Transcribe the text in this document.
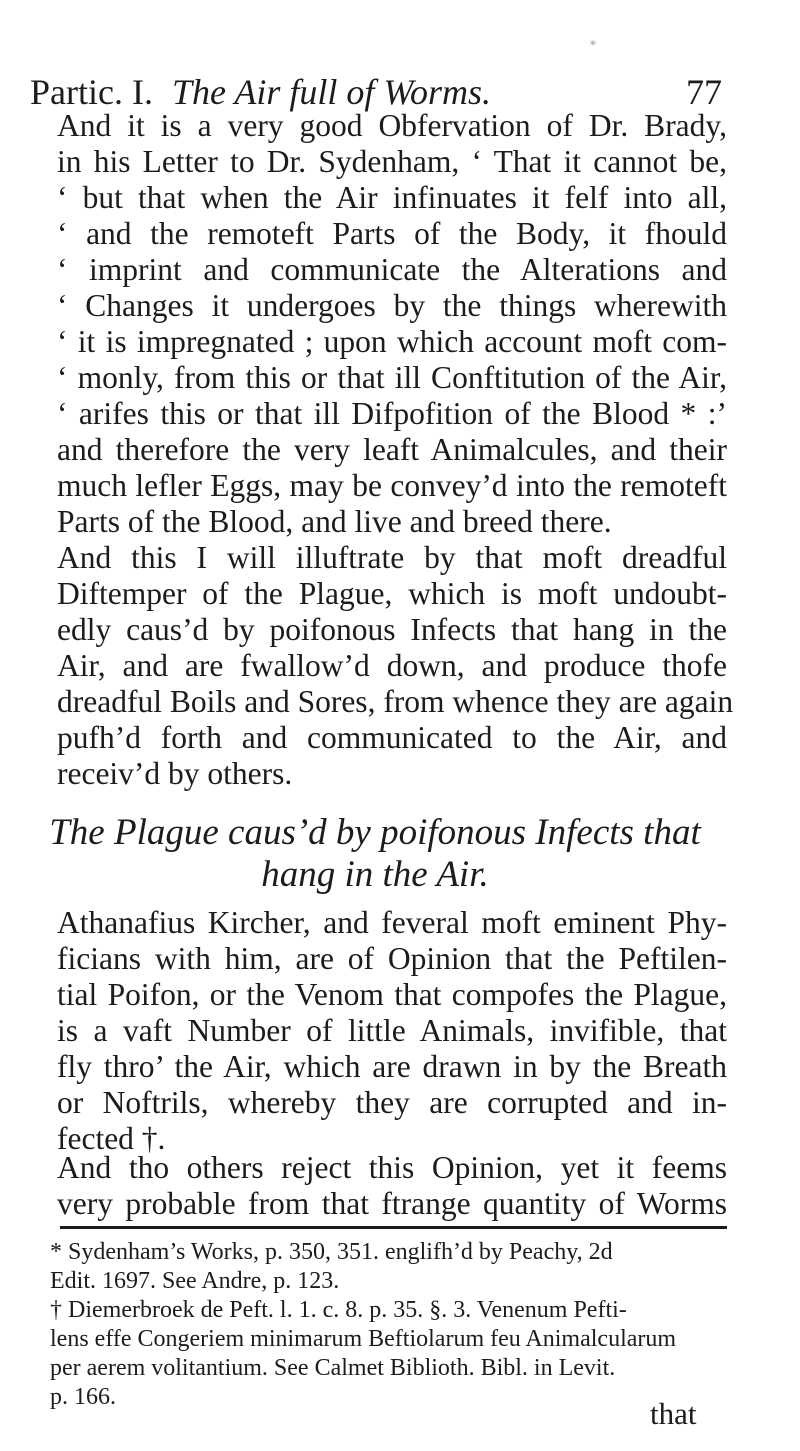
*
Partic. I. The Air full of Worms.	77
And it is a very good Obfervation of Dr. Brady,
in his Letter to Dr. Sydenham, ‘ That it cannot be,
‘ but that when the Air infinuates it felf into all,
‘ and the remoteft Parts of the Body, it fhould
‘ imprint and communicate the Alterations and
‘ Changes it undergoes by the things wherewith
‘ it is impregnated ; upon which account moft com-
‘ monly, from this or that ill Conftitution of the Air,
‘ arifes this or that ill Difpofition of the Blood * :’
and therefore the very leaft Animalcules, and their
much lefler Eggs, may be convey’d into the remoteft
Parts of the Blood, and live and breed there.
And this I will illuftrate by that moft dreadful
Diftemper of the Plague, which is moft undoubt-
edly caus’d by poifonous Infects that hang in the
Air, and are fwallow’d down, and produce thofe
dreadful Boils and Sores, from whence they are again
pufh’d forth and communicated to the Air, and
receiv’d by others.
The Plague caus’d by poifonous Infects that
hang in the Air.
Athanafius Kircher, and feveral moft eminent Phy-
ficians with him, are of Opinion that the Peftilen-
tial Poifon, or the Venom that compofes the Plague,
is a vaft Number of little Animals, invifible, that
fly thro’ the Air, which are drawn in by the Breath
or Noftrils, whereby they are corrupted and in-
fected †.
And tho others reject this Opinion, yet it feems
very probable from that ftrange quantity of Worms
* Sydenham’s Works, p. 350, 351. englifh’d by Peachy, 2d
Edit. 1697. See Andre, p. 123.
† Diemerbroek de Peft. l. 1. c. 8. p. 35. §. 3. Venenum Pefti-
lens effe Congeriem minimarum Beftiolarum feu Animalcularum
per aerem volitantium. See Calmet Biblioth. Bibl. in Levit.
p. 166.	that
